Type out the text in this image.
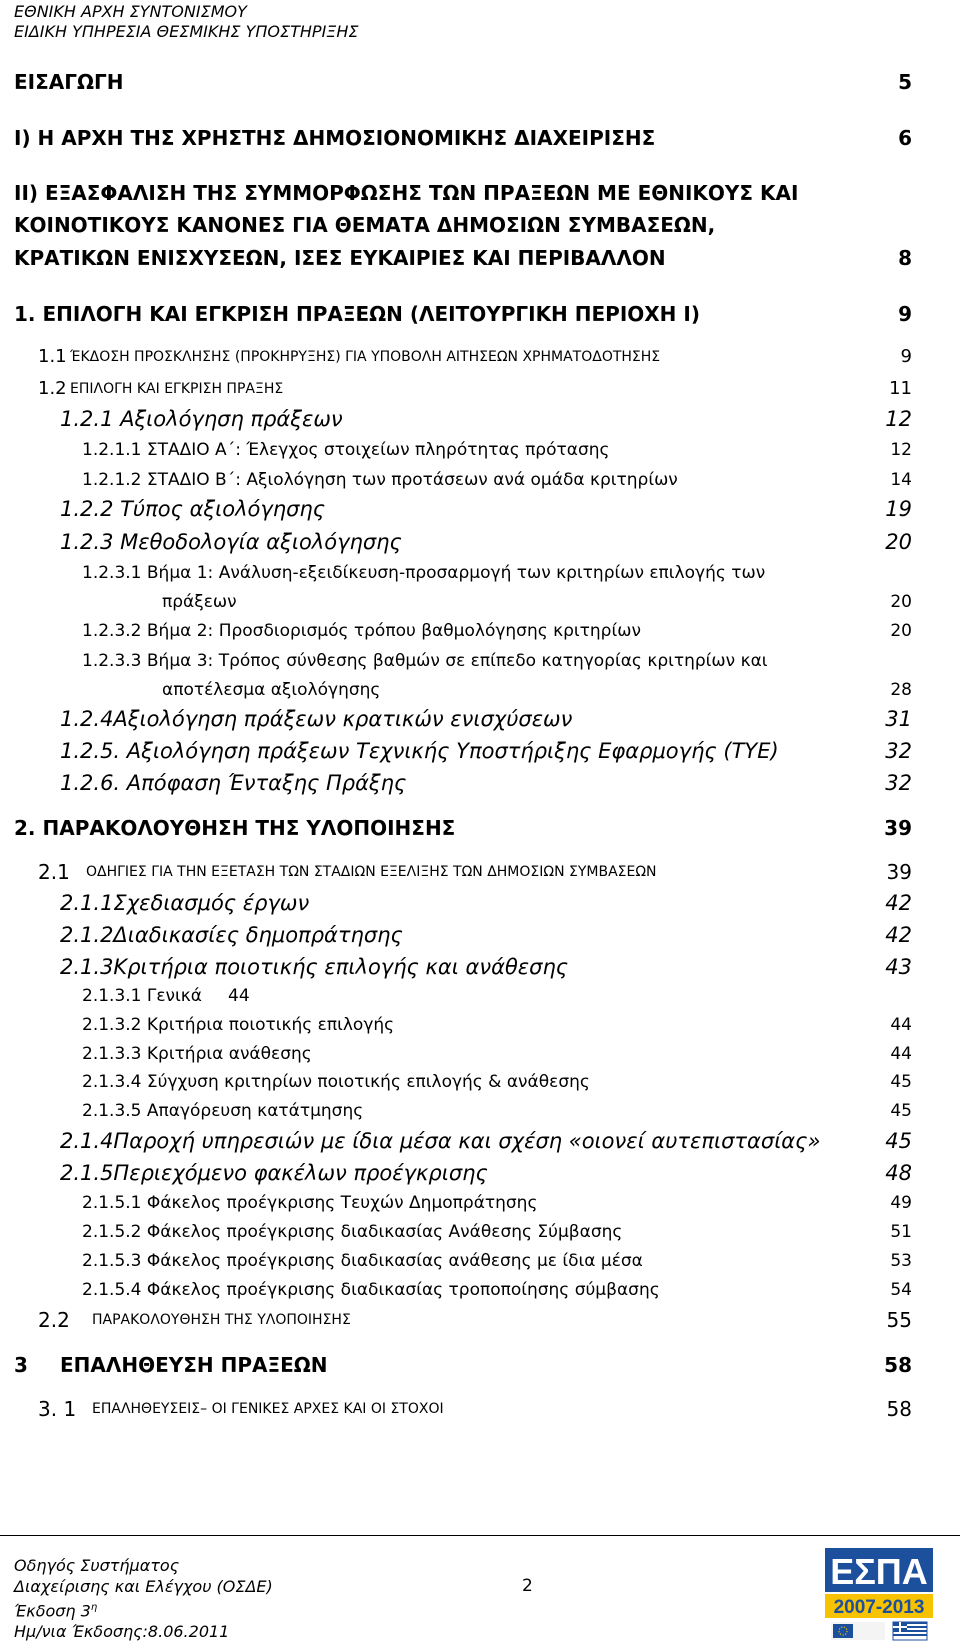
ΕΘΝΙΚΗ ΑΡΧΗ ΣΥΝΤΟΝΙΣΜΟΥ
ΕΙΔΙΚΗ ΥΠΗΡΕΣΙΑ ΘΕΣΜΙΚΗΣ ΥΠΟΣΤΗΡΙΞΗΣ
ΕΙΣΑΓΩΓΗ	5
Ι) Η ΑΡΧΗ ΤΗΣ ΧΡΗΣΤΗΣ ΔΗΜΟΣΙΟΝΟΜΙΚΗΣ ΔΙΑΧΕΙΡΙΣΗΣ	6
ΙΙ) ΕΞΑΣΦΑΛΙΣΗ ΤΗΣ ΣΥΜΜΟΡΦΩΣΗΣ ΤΩΝ ΠΡΑΞΕΩΝ ΜΕ ΕΘΝΙΚΟΥΣ ΚΑΙ
ΚΟΙΝΟΤΙΚΟΥΣ ΚΑΝΟΝΕΣ ΓΙΑ ΘΕΜΑΤΑ ΔΗΜΟΣΙΩΝ ΣΥΜΒΑΣΕΩΝ,
ΚΡΑΤΙΚΩΝ ΕΝΙΣΧΥΣΕΩΝ, ΙΣΕΣ ΕΥΚΑΙΡΙΕΣ ΚΑΙ ΠΕΡΙΒΑΛΛΟΝ	8
1. ΕΠΙΛΟΓΗ ΚΑΙ ΕΓΚΡΙΣΗ ΠΡΑΞΕΩΝ (ΛΕΙΤΟΥΡΓΙΚΗ ΠΕΡΙΟΧΗ Ι)	9
1.1 ΈΚΔΟΣΗ ΠΡΟΣΚΛΗΣΗΣ (ΠΡΟΚΗΡΥΞΗΣ) ΓΙΑ ΥΠΟΒΟΛΗ ΑΙΤΗΣΕΩΝ ΧΡΗΜΑΤΟΔΟΤΗΣΗΣ	9
1.2 ΕΠΙΛΟΓΗ ΚΑΙ ΕΓΚΡΙΣΗ ΠΡΑΞΗΣ	11
1.2.1 Αξιολόγηση πράξεων	12
1.2.1.1 ΣΤΑΔΙΟ Α΄: Έλεγχος στοιχείων πληρότητας πρότασης	12
1.2.1.2 ΣΤΑΔΙΟ Β΄: Αξιολόγηση των προτάσεων ανά ομάδα κριτηρίων	14
1.2.2 Τύπος αξιολόγησης	19
1.2.3 Μεθοδολογία αξιολόγησης	20
1.2.3.1 Βήμα 1: Ανάλυση-εξειδίκευση-προσαρμογή των κριτηρίων επιλογής των
πράξεων	20
1.2.3.2 Βήμα 2: Προσδιορισμός τρόπου βαθμολόγησης κριτηρίων	20
1.2.3.3 Βήμα 3: Τρόπος σύνθεσης βαθμών σε επίπεδο κατηγορίας κριτηρίων και
αποτέλεσμα αξιολόγησης	28
1.2.4Αξιολόγηση πράξεων κρατικών ενισχύσεων	31
1.2.5. Αξιολόγηση πράξεων Τεχνικής Υποστήριξης Εφαρμογής (ΤΥΕ)	32
1.2.6. Απόφαση Ένταξης Πράξης	32
2. ΠΑΡΑΚΟΛΟΥΘΗΣΗ ΤΗΣ ΥΛΟΠΟΙΗΣΗΣ	39
2.1 ΟΔΗΓΙΕΣ ΓΙΑ ΤΗΝ ΕΞΕΤΑΣΗ ΤΩΝ ΣΤΑΔΙΩΝ ΕΞΕΛΙΞΗΣ ΤΩΝ ΔΗΜΟΣΙΩΝ ΣΥΜΒΑΣΕΩΝ	39
2.1.1Σχεδιασμός έργων	42
2.1.2Διαδικασίες δημοπράτησης	42
2.1.3Κριτήρια ποιοτικής επιλογής και ανάθεσης	43
2.1.3.1 Γενικά 44
2.1.3.2 Κριτήρια ποιοτικής επιλογής	44
2.1.3.3 Κριτήρια ανάθεσης	44
2.1.3.4 Σύγχυση κριτηρίων ποιοτικής επιλογής & ανάθεσης	45
2.1.3.5 Απαγόρευση κατάτμησης	45
2.1.4Παροχή υπηρεσιών με ίδια μέσα και σχέση «οιονεί αυτεπιστασίας»	45
2.1.5Περιεχόμενο φακέλων προέγκρισης	48
2.1.5.1 Φάκελος προέγκρισης Τευχών Δημοπράτησης	49
2.1.5.2 Φάκελος προέγκρισης διαδικασίας Ανάθεσης Σύμβασης	51
2.1.5.3 Φάκελος προέγκρισης διαδικασίας ανάθεσης με ίδια μέσα	53
2.1.5.4 Φάκελος προέγκρισης διαδικασίας τροποποίησης σύμβασης	54
2.2 ΠΑΡΑΚΟΛΟΥΘΗΣΗ ΤΗΣ ΥΛΟΠΟΙΗΣΗΣ	55
3 ΕΠΑΛΗΘΕΥΣΗ ΠΡΑΞΕΩΝ	58
3. 1 ΕΠΑΛΗΘΕΥΣΕΙΣ– ΟΙ ΓΕΝΙΚΕΣ ΑΡΧΕΣ ΚΑΙ ΟΙ ΣΤΟΧΟΙ	58
Οδηγός Συστήματος
Διαχείρισης και Ελέγχου (ΟΣΔΕ)
Έκδοση $3^\eta$
Ημ/νια Έκδοσης:8.06.2011
2	ΕΣΠΑ
2007-2013
